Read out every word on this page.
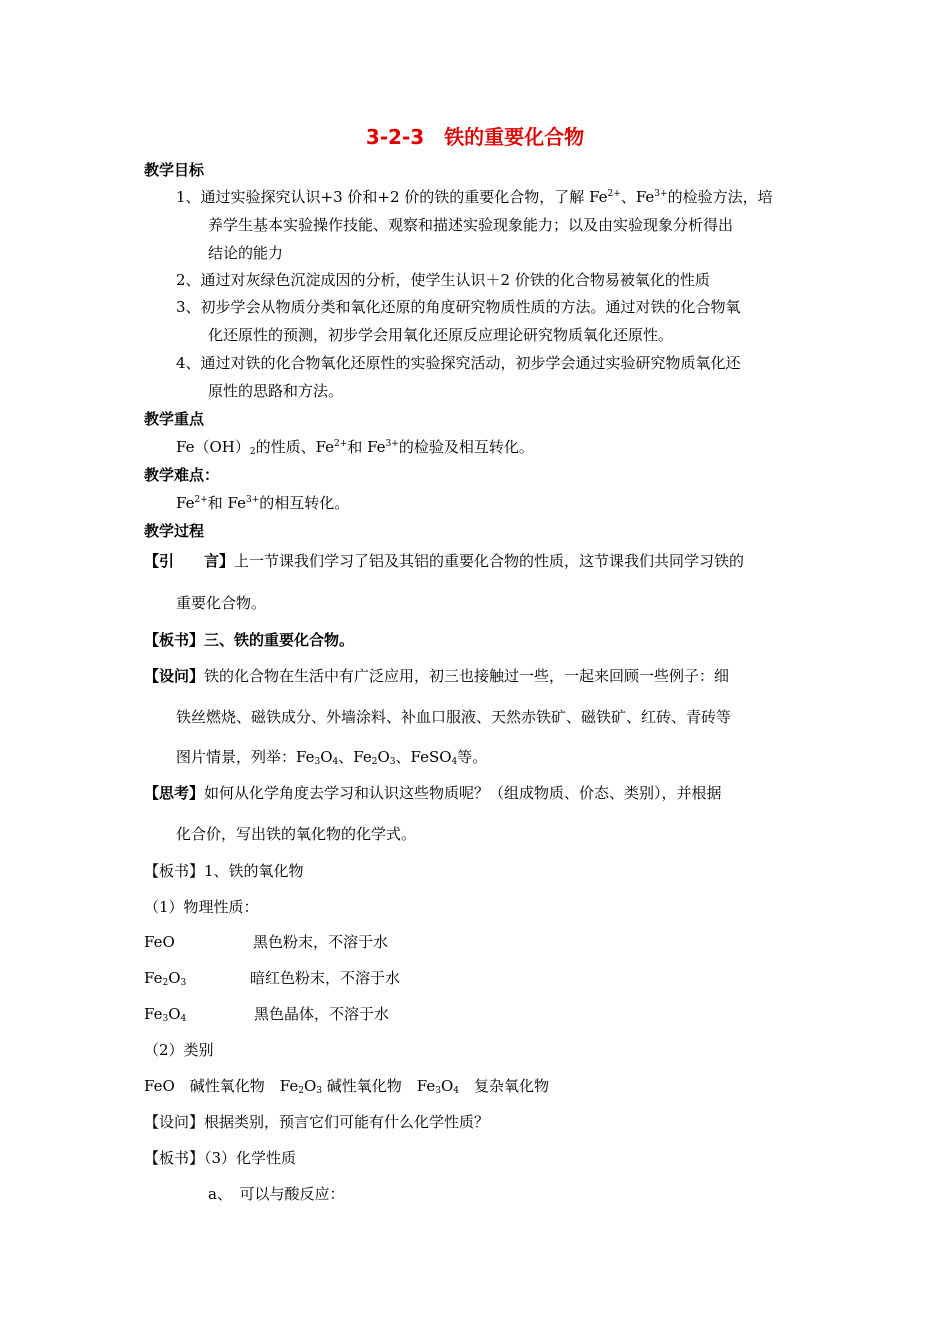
3-2-3　铁的重要化合物
教学目标
1、通过实验探究认识+3 价和+2 价的铁的重要化合物，了解 $Fe^{2+}$、$Fe^{3+}$的检验方法，培
养学生基本实验操作技能、观察和描述实验现象能力；以及由实验现象分析得出
结论的能力
2、通过对灰绿色沉淀成因的分析，使学生认识＋2 价铁的化合物易被氧化的性质
3、初步学会从物质分类和氧化还原的角度研究物质性质的方法。通过对铁的化合物氧
化还原性的预测，初步学会用氧化还原反应理论研究物质氧化还原性。
4、通过对铁的化合物氧化还原性的实验探究活动，初步学会通过实验研究物质氧化还
原性的思路和方法。
教学重点
$Fe(OH)_2$的性质、$Fe^{2+}$和 $Fe^{3+}$的检验及相互转化。
教学难点：
$Fe^{2+}$和 $Fe^{3+}$的相互转化。
教学过程
【引　　言】上一节课我们学习了铝及其铝的重要化合物的性质，这节课我们共同学习铁的
重要化合物。
【板书】三、铁的重要化合物。
【设问】铁的化合物在生活中有广泛应用，初三也接触过一些，一起来回顾一些例子：细
铁丝燃烧、磁铁成分、外墙涂料、补血口服液、天然赤铁矿、磁铁矿、红砖、青砖等
图片情景，列举：$Fe_3O_4$、$Fe_2O_3$、FeSO$_4$等。
【思考】如何从化学角度去学习和认识这些物质呢？（组成物质、价态、类别），并根据
化合价，写出铁的氧化物的化学式。
【板书】1、铁的氧化物
（1）物理性质：
FeO	黑色粉末，不溶于水
$Fe_2O_3$	暗红色粉末，不溶于水
$Fe_3O_4$	黑色晶体，不溶于水
（2）类别
FeO　碱性氧化物　$Fe_2O_3$ 碱性氧化物　$Fe_3O_4$　复杂氧化物
【设问】根据类别，预言它们可能有什么化学性质？
【板书】（3）化学性质
a、　可以与酸反应：
